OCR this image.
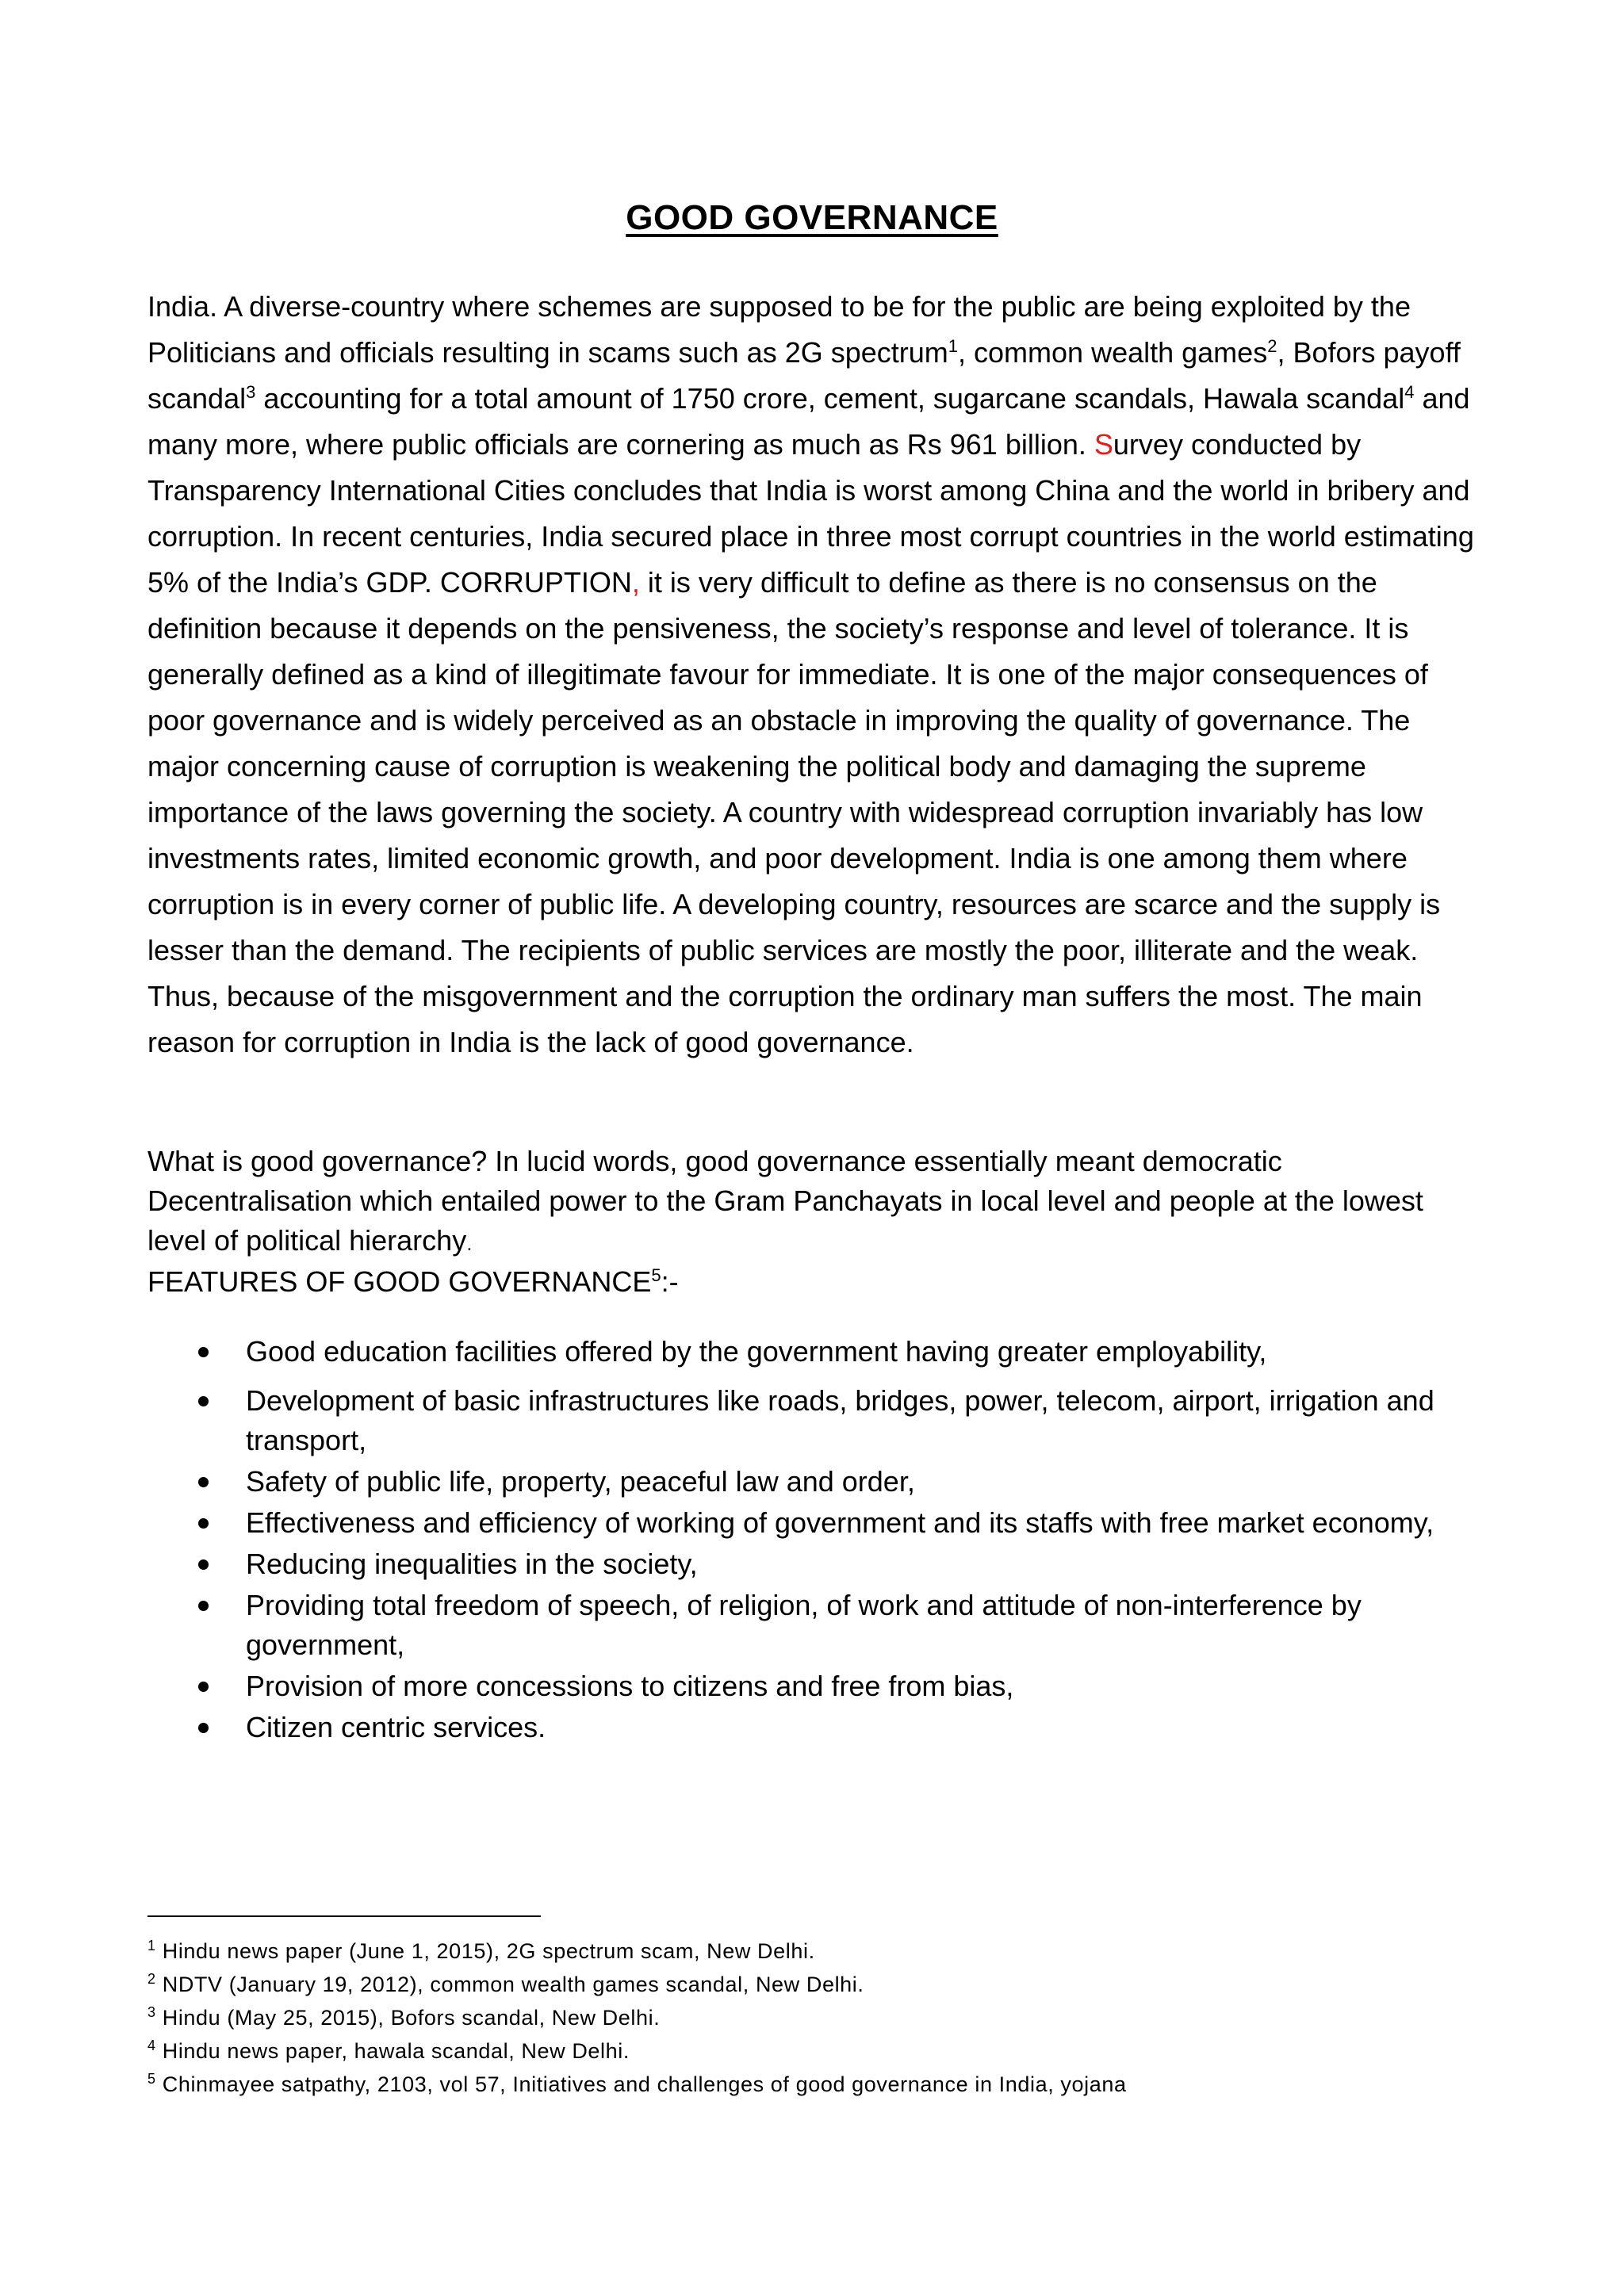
GOOD GOVERNANCE

India. A diverse-country where schemes are supposed to be for the public are being exploited by the Politicians and officials resulting in scams such as 2G spectrum$^1$, common wealth games$^2$, Bofors payoff scandal$^3$ accounting for a total amount of 1750 crore, cement, sugarcane scandals, Hawala scandal$^4$ and many more, where public officials are cornering as much as Rs 961 billion. Survey conducted by Transparency International Cities concludes that India is worst among China and the world in bribery and corruption. In recent centuries, India secured place in three most corrupt countries in the world estimating 5% of the India’s GDP. CORRUPTION, it is very difficult to define as there is no consensus on the definition because it depends on the pensiveness, the society’s response and level of tolerance. It is generally defined as a kind of illegitimate favour for immediate. It is one of the major consequences of poor governance and is widely perceived as an obstacle in improving the quality of governance. The major concerning cause of corruption is weakening the political body and damaging the supreme importance of the laws governing the society. A country with widespread corruption invariably has low investments rates, limited economic growth, and poor development. India is one among them where corruption is in every corner of public life. A developing country, resources are scarce and the supply is lesser than the demand. The recipients of public services are mostly the poor, illiterate and the weak. Thus, because of the misgovernment and the corruption the ordinary man suffers the most. The main reason for corruption in India is the lack of good governance.

What is good governance? In lucid words, good governance essentially meant democratic Decentralisation which entailed power to the Gram Panchayats in local level and people at the lowest level of political hierarchy.

FEATURES OF GOOD GOVERNANCE$^5$:-
Good education facilities offered by the government having greater employability,
Development of basic infrastructures like roads, bridges, power, telecom, airport, irrigation and transport,
Safety of public life, property, peaceful law and order,
Effectiveness and efficiency of working of government and its staffs with free market economy,
Reducing inequalities in the society,
Providing total freedom of speech, of religion, of work and attitude of non-interference by government,
Provision of more concessions to citizens and free from bias,
Citizen centric services.
$^1$ Hindu news paper (June 1, 2015), 2G spectrum scam, New Delhi.
$^2$ NDTV (January 19, 2012), common wealth games scandal, New Delhi.
$^3$ Hindu (May 25, 2015), Bofors scandal, New Delhi.
$^4$ Hindu news paper, hawala scandal, New Delhi.
$^5$ Chinmayee satpathy, 2103, vol 57, Initiatives and challenges of good governance in India, yojana
